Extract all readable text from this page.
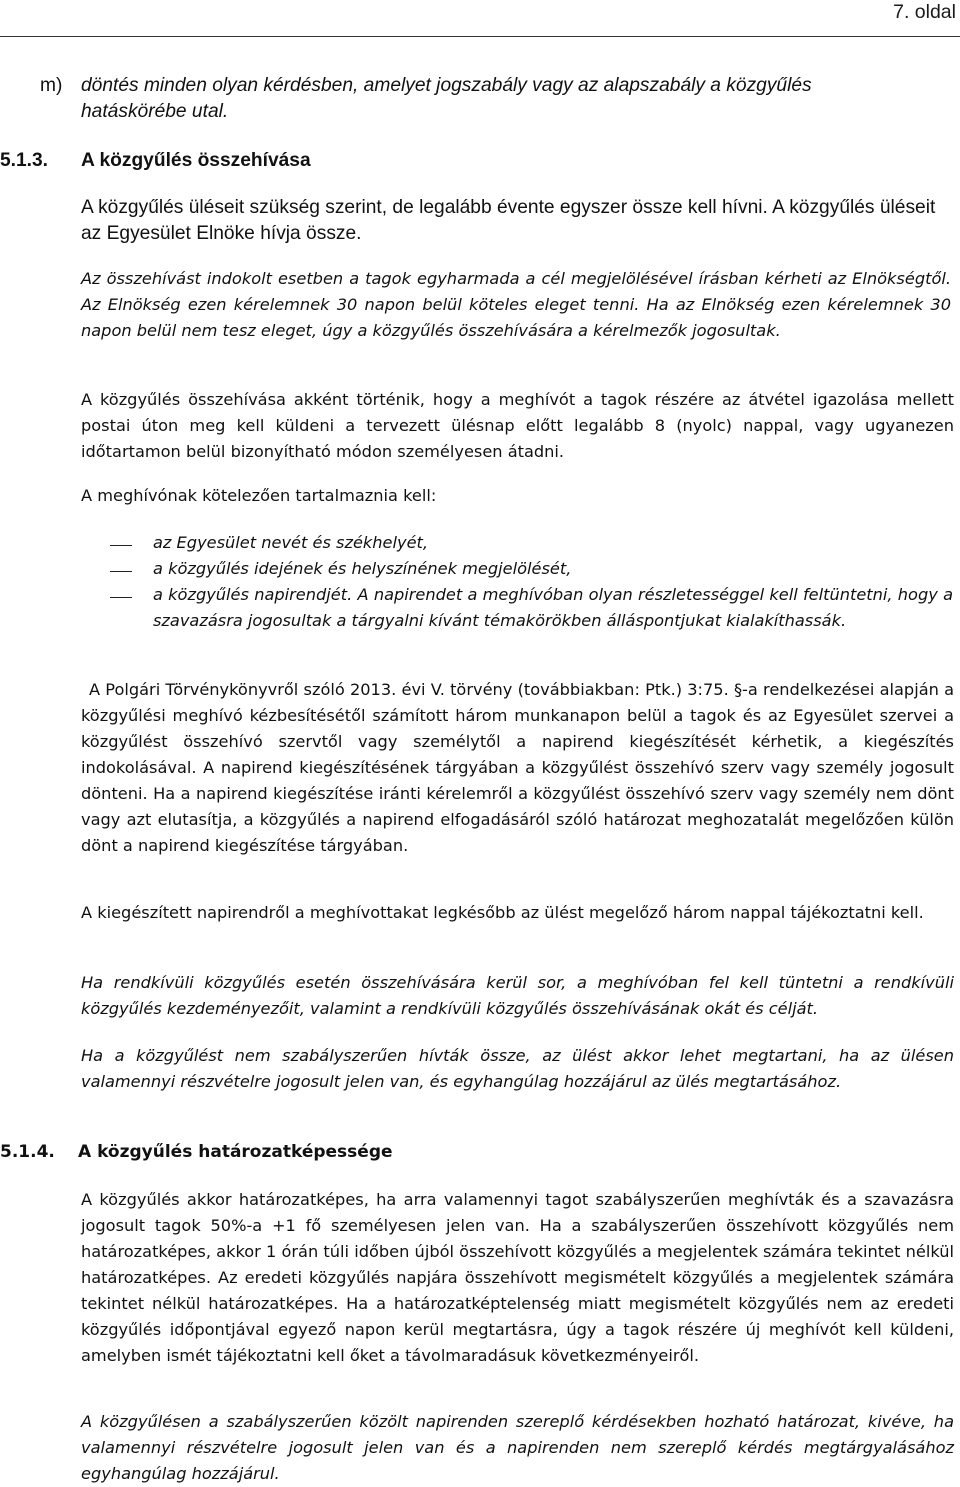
7. oldal
m) döntés minden olyan kérdésben, amelyet jogszabály vagy az alapszabály a közgyűlés hatáskörébe utal.

5.1.3. A közgyűlés összehívása

A közgyűlés üléseit szükség szerint, de legalább évente egyszer össze kell hívni. A közgyűlés üléseit az Egyesület Elnöke hívja össze.

Az összehívást indokolt esetben a tagok egyharmada a cél megjelölésével írásban kérheti az Elnökségtől. Az Elnökség ezen kérelemnek 30 napon belül köteles eleget tenni. Ha az Elnökség ezen kérelemnek 30 napon belül nem tesz eleget, úgy a közgyűlés összehívására a kérelmezők jogosultak.

A közgyűlés összehívása akként történik, hogy a meghívót a tagok részére az átvétel igazolása mellett postai úton meg kell küldeni a tervezett ülésnap előtt legalább 8 (nyolc) nappal, vagy ugyanezen időtartamon belül bizonyítható módon személyesen átadni.

A meghívónak kötelezően tartalmaznia kell:

az Egyesület nevét és székhelyét,

a közgyűlés idejének és helyszínének megjelölését,

a közgyűlés napirendjét. A napirendet a meghívóban olyan részletességgel kell feltüntetni, hogy a szavazásra jogosultak a tárgyalni kívánt témakörökben álláspontjukat kialakíthassák.

A Polgári Törvénykönyvről szóló 2013. évi V. törvény (továbbiakban: Ptk.) 3:75. §-a rendelkezései alapján a közgyűlési meghívó kézbesítésétől számított három munkanapon belül a tagok és az Egyesület szervei a közgyűlést összehívó szervtől vagy személytől a napirend kiegészítését kérhetik, a kiegészítés indokolásával. A napirend kiegészítésének tárgyában a közgyűlést összehívó szerv vagy személy jogosult dönteni. Ha a napirend kiegészítése iránti kérelemről a közgyűlést összehívó szerv vagy személy nem dönt vagy azt elutasítja, a közgyűlés a napirend elfogadásáról szóló határozat meghozatalát megelőzően külön dönt a napirend kiegészítése tárgyában.

A kiegészített napirendről a meghívottakat legkésőbb az ülést megelőző három nappal tájékoztatni kell.

Ha rendkívüli közgyűlés esetén összehívására kerül sor, a meghívóban fel kell tüntetni a rendkívüli közgyűlés kezdeményezőit, valamint a rendkívüli közgyűlés összehívásának okát és célját.

Ha a közgyűlést nem szabályszerűen hívták össze, az ülést akkor lehet megtartani, ha az ülésen valamennyi részvételre jogosult jelen van, és egyhangúlag hozzájárul az ülés megtartásához.

5.1.4. A közgyűlés határozatképessége

A közgyűlés akkor határozatképes, ha arra valamennyi tagot szabályszerűen meghívták és a szavazásra jogosult tagok 50%-a +1 fő személyesen jelen van. Ha a szabályszerűen összehívott közgyűlés nem határozatképes, akkor 1 órán túli időben újból összehívott közgyűlés a megjelentek számára tekintet nélkül határozatképes. Az eredeti közgyűlés napjára összehívott megismételt közgyűlés a megjelentek számára tekintet nélkül határozatképes. Ha a határozatképtelenség miatt megismételt közgyűlés nem az eredeti közgyűlés időpontjával egyező napon kerül megtartásra, úgy a tagok részére új meghívót kell küldeni, amelyben ismét tájékoztatni kell őket a távolmaradásuk következményeiről.

A közgyűlésen a szabályszerűen közölt napirenden szereplő kérdésekben hozható határozat, kivéve, ha valamennyi részvételre jogosult jelen van és a napirenden nem szereplő kérdés megtárgyalásához egyhangúlag hozzájárul.
